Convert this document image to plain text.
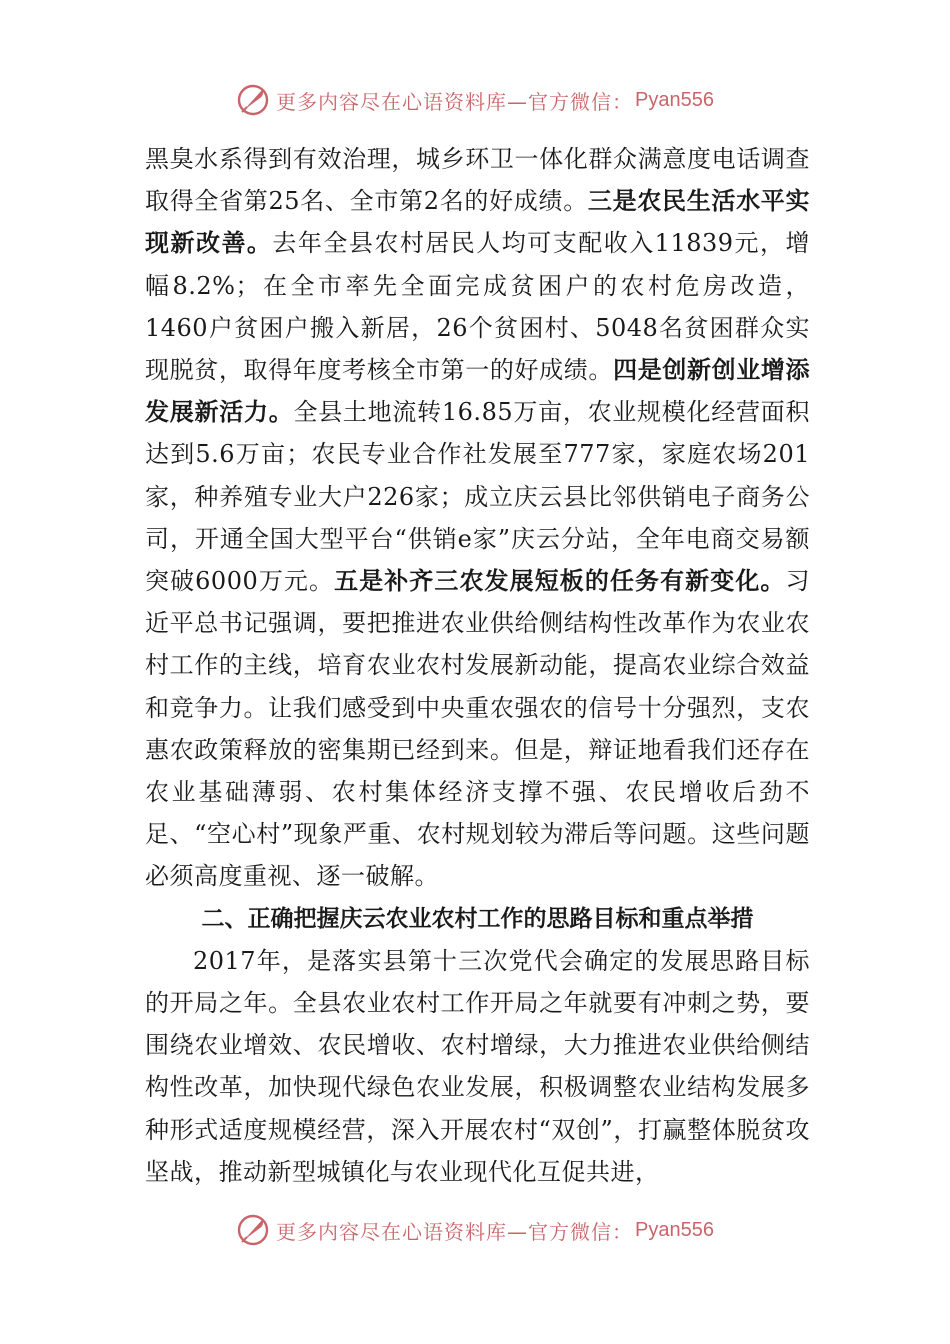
更多内容尽在心语资料库—官方微信： Pyan556

黑臭水系得到有效治理，城乡环卫一体化群众满意度电话调查取得全省第25名、全市第2名的好成绩。三是农民生活水平实现新改善。去年全县农村居民人均可支配收入11839元，增幅8.2%；在全市率先全面完成贫困户的农村危房改造，1460户贫困户搬入新居，26个贫困村、5048名贫困群众实现脱贫，取得年度考核全市第一的好成绩。四是创新创业增添发展新活力。全县土地流转16.85万亩，农业规模化经营面积达到5.6万亩；农民专业合作社发展至777家，家庭农场201家，种养殖专业大户226家；成立庆云县比邻供销电子商务公司，开通全国大型平台“供销e家”庆云分站，全年电商交易额突破6000万元。五是补齐三农发展短板的任务有新变化。习近平总书记强调，要把推进农业供给侧结构性改革作为农业农村工作的主线，培育农业农村发展新动能，提高农业综合效益和竞争力。让我们感受到中央重农强农的信号十分强烈，支农惠农政策释放的密集期已经到来。但是，辩证地看我们还存在农业基础薄弱、农村集体经济支撑不强、农民增收后劲不足、“空心村”现象严重、农村规划较为滞后等问题。这些问题必须高度重视、逐一破解。

二、正确把握庆云农业农村工作的思路目标和重点举措

2017年，是落实县第十三次党代会确定的发展思路目标的开局之年。全县农业农村工作开局之年就要有冲刺之势，要围绕农业增效、农民增收、农村增绿，大力推进农业供给侧结构性改革，加快现代绿色农业发展，积极调整农业结构发展多种形式适度规模经营，深入开展农村“双创”，打赢整体脱贫攻坚战，推动新型城镇化与农业现代化互促共进，

更多内容尽在心语资料库—官方微信： Pyan556
